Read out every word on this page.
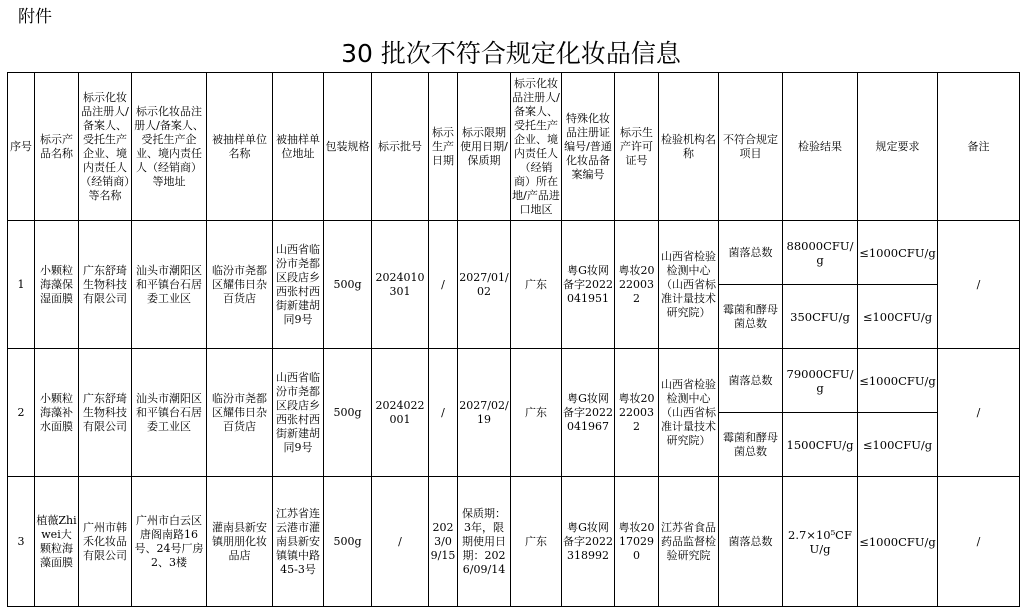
附件
30 批次不符合规定化妆品信息
序号	标示产品名称	标示化妆品注册人/备案人、受托生产企业、境内责任人（经销商）等名称	标示化妆品注册人/备案人、受托生产企业、境内责任人（经销商）等地址	被抽样单位名称	被抽样单位地址	包装规格	标示批号	标示生产日期	标示限期使用日期/保质期	标示化妆品注册人/备案人、受托生产企业、境内责任人（经销商）所在地/产品进口地区	特殊化妆品注册证编号/普通化妆品备案编号	标示生产许可证号	检验机构名称	不符合规定项目	检验结果	规定要求	备注
1	小颗粒海藻保湿面膜	广东舒琦生物科技有限公司	汕头市潮阳区和平镇台石居委工业区	临汾市尧都区耀伟日杂百货店	山西省临汾市尧都区段店乡西张村西街新建胡同9号	500g	2024010301	/	2027/01/02	广东	粤G妆网备字2022041951	粤妆20220032	山西省检验检测中心（山西省标准计量技术研究院）	菌落总数	88000CFU/g	≤1000CFU/g	/
														霉菌和酵母菌总数	350CFU/g	≤100CFU/g	
2	小颗粒海藻补水面膜	广东舒琦生物科技有限公司	汕头市潮阳区和平镇台石居委工业区	临汾市尧都区耀伟日杂百货店	山西省临汾市尧都区段店乡西张村西街新建胡同9号	500g	2024022001	/	2027/02/19	广东	粤G妆网备字2022041967	粤妆20220032	山西省检验检测中心（山西省标准计量技术研究院）	菌落总数	79000CFU/g	≤1000CFU/g	/
														霉菌和酵母菌总数	1500CFU/g	≤100CFU/g	
3	植薇Zhiwei大颗粒海藻面膜	广州市韩禾化妆品有限公司	广州市白云区唐阁南路16号、24号厂房2、3楼	灌南县新安镇朋朋化妆品店	江苏省连云港市灌南县新安镇镇中路45-3号	500g	/	2023/09/15	保质期：3年，限期使用日期：2026/09/14	广东	粤G妆网备字2022318992	粤妆20170290	江苏省食品药品监督检验研究院	菌落总数	2.7×10⁵CFU/g	≤1000CFU/g	/
